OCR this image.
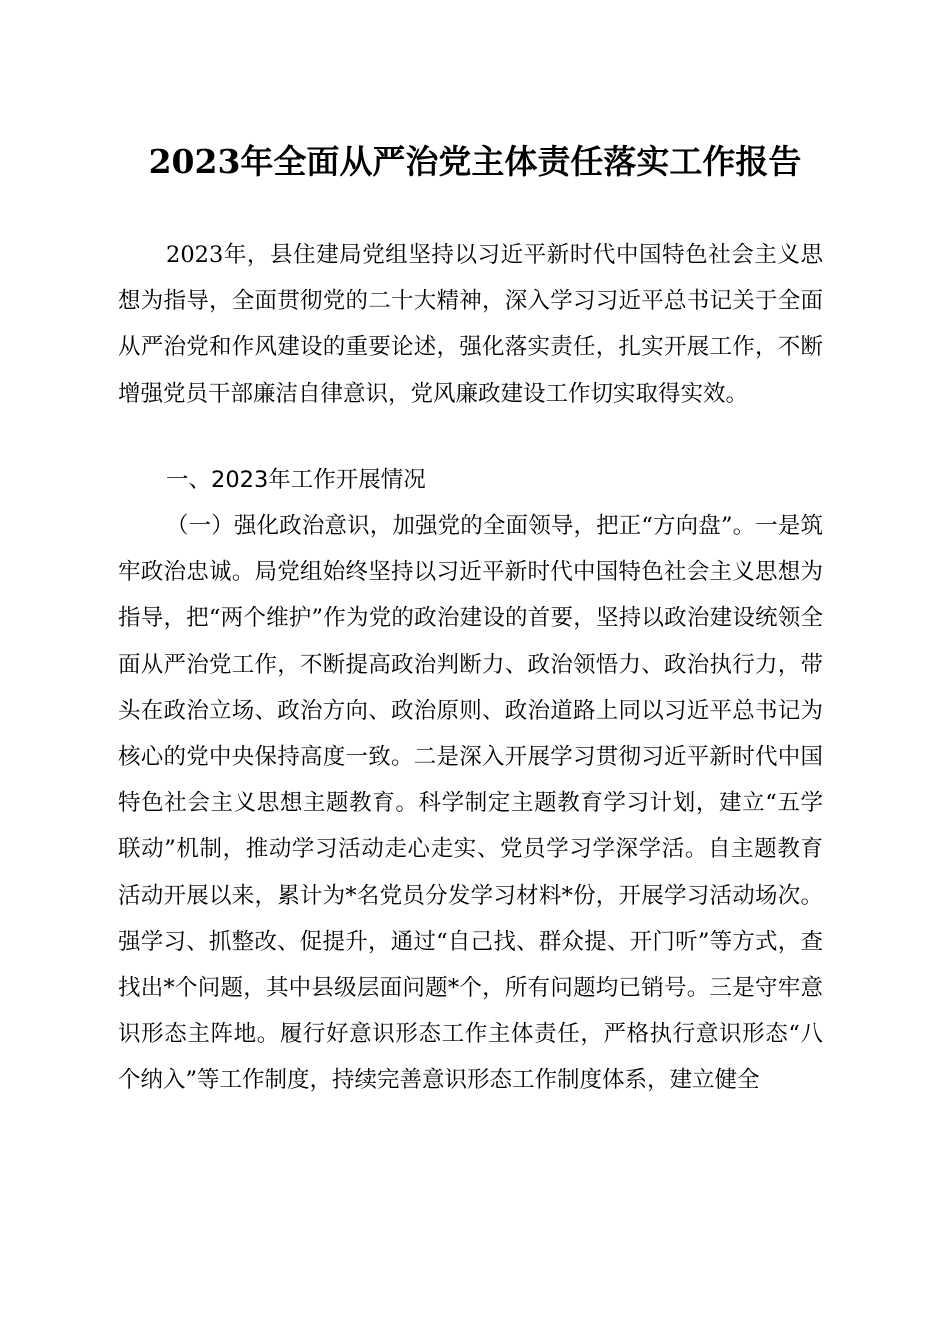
2023年全面从严治党主体责任落实工作报告
2023年，县住建局党组坚持以习近平新时代中国特色社会主义思想为指导，全面贯彻党的二十大精神，深入学习习近平总书记关于全面从严治党和作风建设的重要论述，强化落实责任，扎实开展工作，不断增强党员干部廉洁自律意识，党风廉政建设工作切实取得实效。
一、2023年工作开展情况
（一）强化政治意识，加强党的全面领导，把正“方向盘”。一是筑牢政治忠诚。局党组始终坚持以习近平新时代中国特色社会主义思想为指导，把“两个维护”作为党的政治建设的首要，坚持以政治建设统领全面从严治党工作，不断提高政治判断力、政治领悟力、政治执行力，带头在政治立场、政治方向、政治原则、政治道路上同以习近平总书记为核心的党中央保持高度一致。二是深入开展学习贯彻习近平新时代中国特色社会主义思想主题教育。科学制定主题教育学习计划，建立“五学联动”机制，推动学习活动走心走实、党员学习学深学活。自主题教育活动开展以来，累计为*名党员分发学习材料*份，开展学习活动场次。强学习、抓整改、促提升，通过“自己找、群众提、开门听”等方式，查找出*个问题，其中县级层面问题*个，所有问题均已销号。三是守牢意识形态主阵地。履行好意识形态工作主体责任，严格执行意识形态“八个纳入”等工作制度，持续完善意识形态工作制度体系，建立健全
